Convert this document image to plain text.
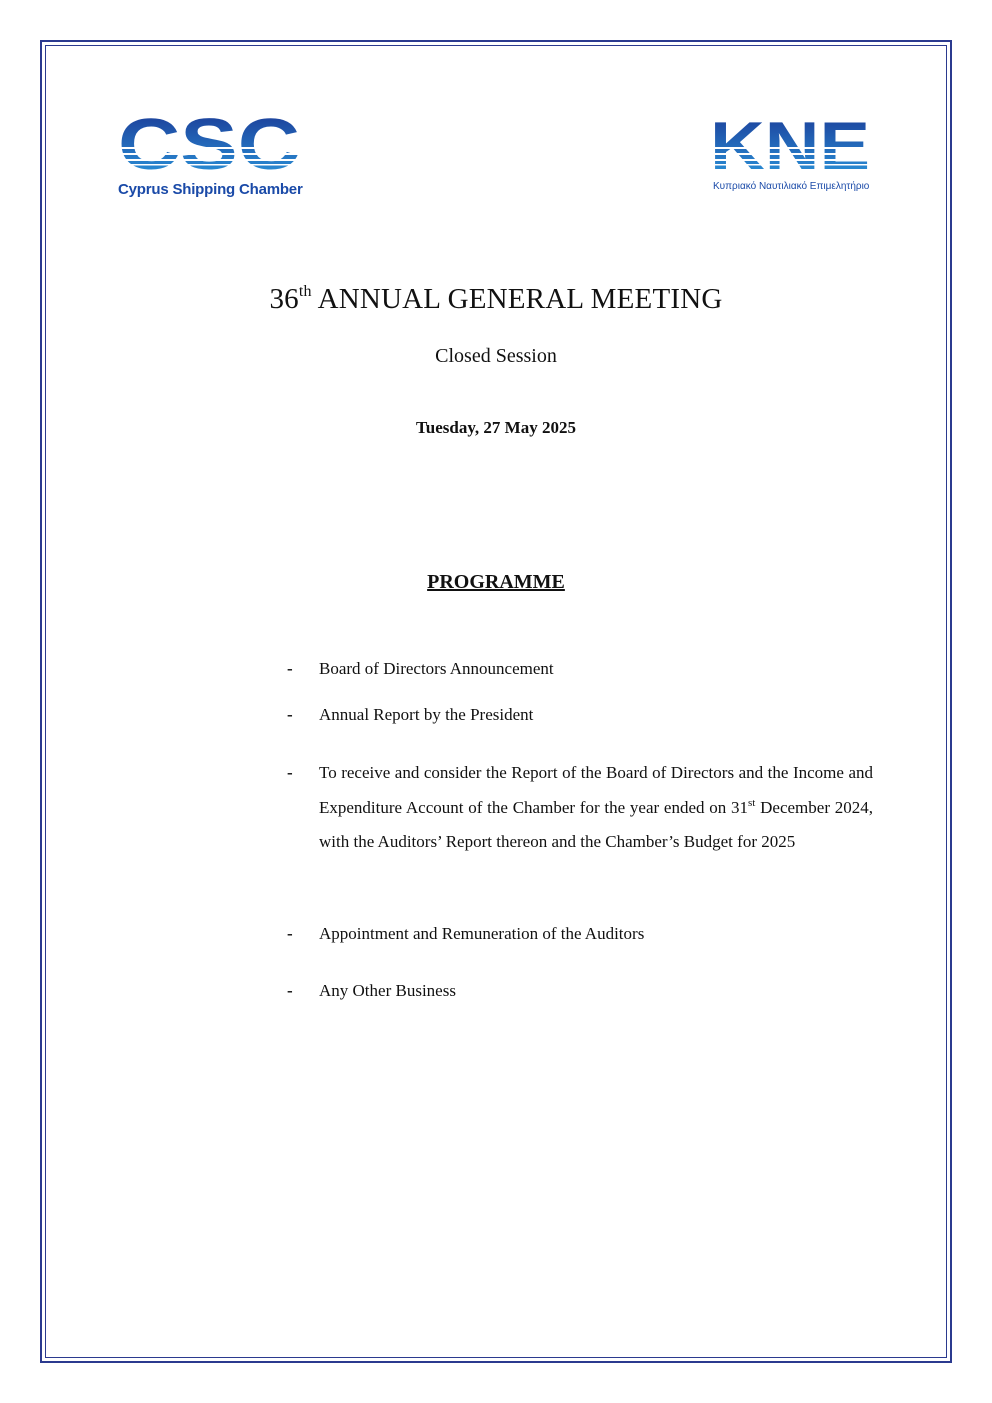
Cyprus Shipping Chamber	Κυπριακό Ναυτιλιακό Επιμελητήριο
36th ANNUAL GENERAL MEETING
Closed Session
Tuesday, 27 May 2025
PROGRAMME
- Board of Directors Announcement
- Annual Report by the President
- To receive and consider the Report of the Board of Directors and the Income and Expenditure Account of the Chamber for the year ended on 31st December 2024, with the Auditors’ Report thereon and the Chamber’s Budget for 2025
- Appointment and Remuneration of the Auditors
- Any Other Business
